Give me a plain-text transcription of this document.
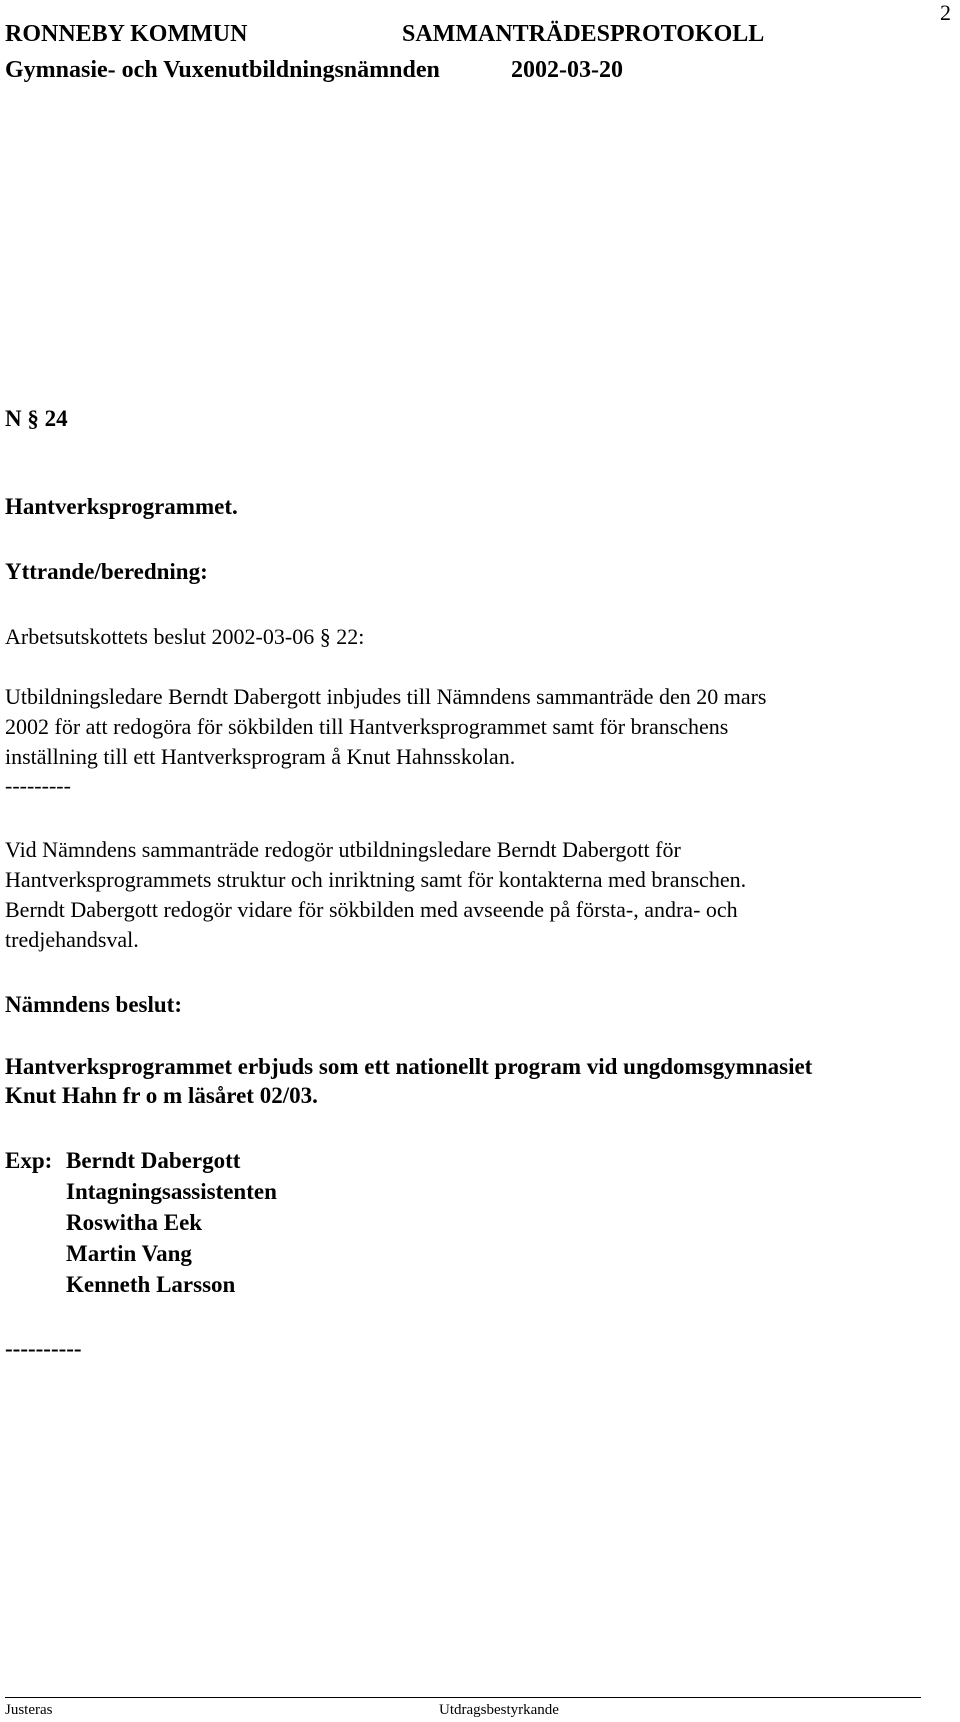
RONNEBY KOMMUN	SAMMANTRÄDESPROTOKOLL
2
Gymnasie- och Vuxenutbildningsnämnden	2002-03-20
N § 24
Hantverksprogrammet.
Yttrande/beredning:
Arbetsutskottets beslut 2002-03-06 § 22:
Utbildningsledare Berndt Dabergott inbjudes till Nämndens sammanträde den 20 mars
2002 för att redogöra för sökbilden till Hantverksprogrammet samt för branschens
inställning till ett Hantverksprogram å Knut Hahnsskolan.
---------
Vid Nämndens sammanträde redogör utbildningsledare Berndt Dabergott för
Hantverksprogrammets struktur och inriktning samt för kontakterna med branschen.
Berndt Dabergott redogör vidare för sökbilden med avseende på första-, andra- och
tredjehandsval.
Nämndens beslut:
Hantverksprogrammet erbjuds som ett nationellt program vid ungdomsgymnasiet
Knut Hahn fr o m läsåret 02/03.
Exp: Berndt Dabergott
Intagningsassistenten
Roswitha Eek
Martin Vang
Kenneth Larsson
----------
Justeras	Utdragsbestyrkande
